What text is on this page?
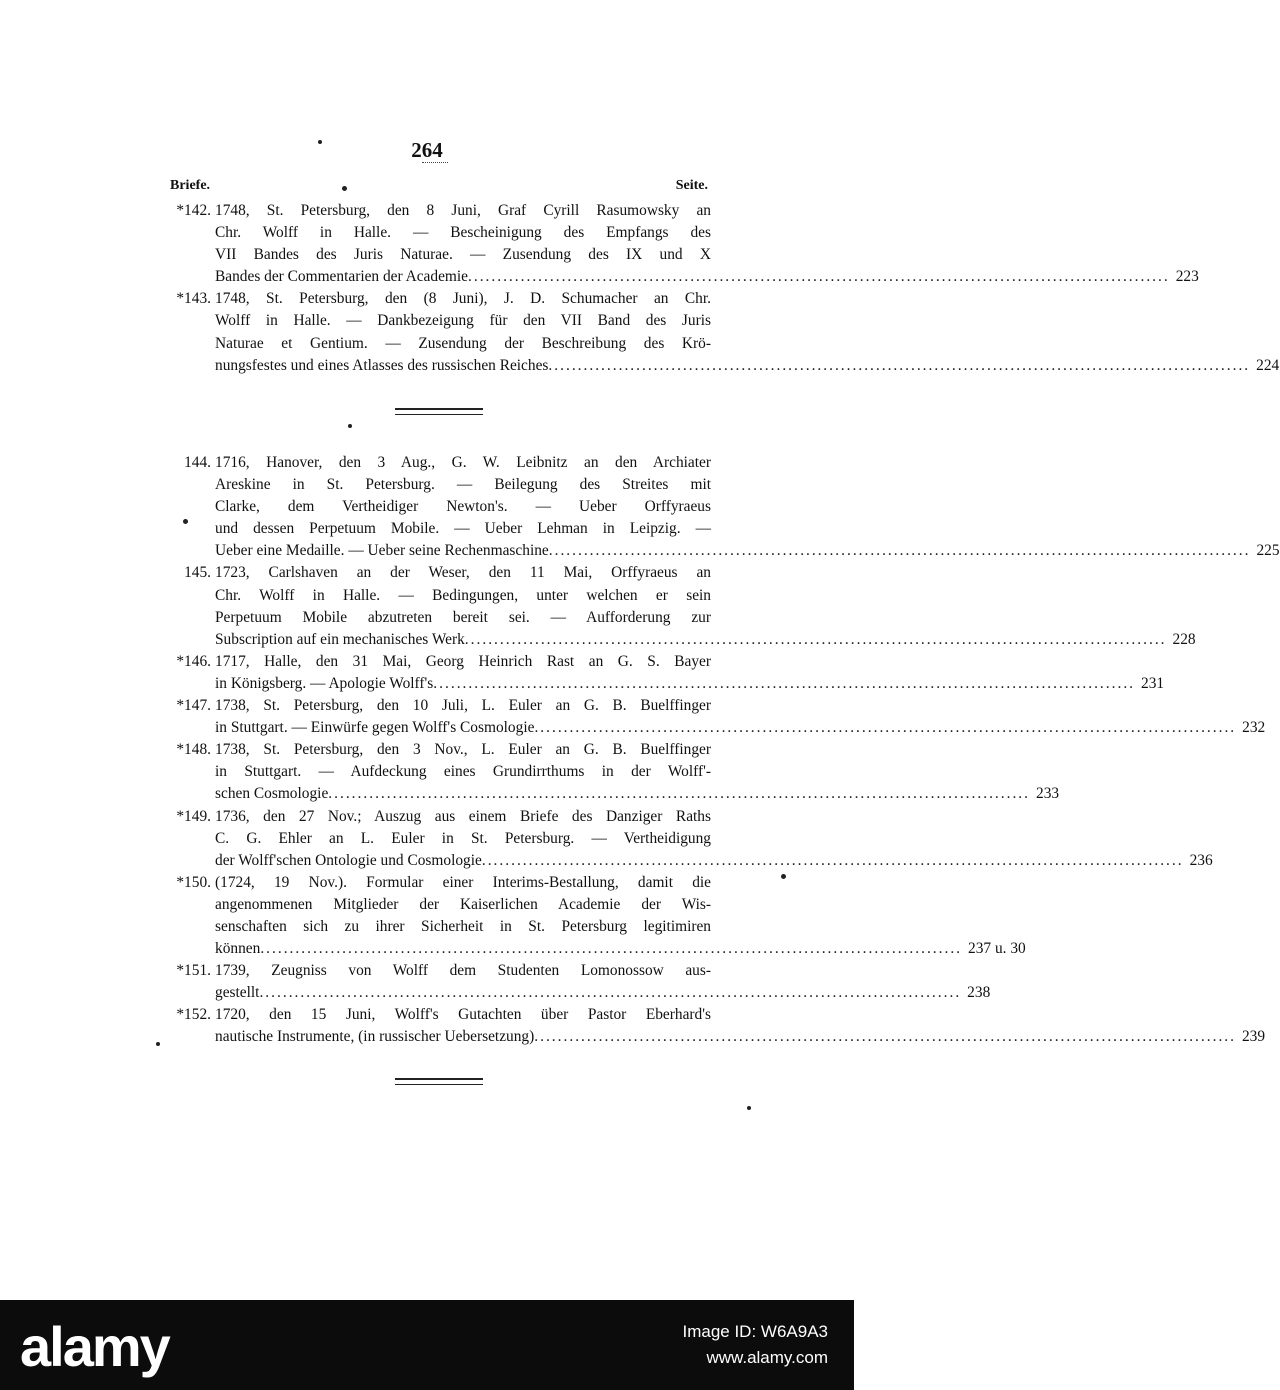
264
Briefe.	Seite.
*142. 1748, St. Petersburg, den 8 Juni, Graf Cyrill Rasumowsky an
Chr. Wolff in Halle. — Bescheinigung des Empfangs des
VII Bandes des Juris Naturae. — Zusendung des IX und X
Bandes der Commentarien der Academie ........................................................................................................................ 223
*143. 1748, St. Petersburg, den (8 Juni), J. D. Schumacher an Chr.
Wolff in Halle. — Dankbezeigung für den VII Band des Juris
Naturae et Gentium. — Zusendung der Beschreibung des Krö-
nungsfestes und eines Atlasses des russischen Reiches ........................................................................................................................ 224
144. 1716, Hanover, den 3 Aug., G. W. Leibnitz an den Archiater
Areskine in St. Petersburg. — Beilegung des Streites mit
Clarke, dem Vertheidiger Newton's. — Ueber Orffyraeus
und dessen Perpetuum Mobile. — Ueber Lehman in Leipzig. —
Ueber eine Medaille. — Ueber seine Rechenmaschine ........................................................................................................................ 225
145. 1723, Carlshaven an der Weser, den 11 Mai, Orffyraeus an
Chr. Wolff in Halle. — Bedingungen, unter welchen er sein
Perpetuum Mobile abzutreten bereit sei. — Aufforderung zur
Subscription auf ein mechanisches Werk ........................................................................................................................ 228
*146. 1717, Halle, den 31 Mai, Georg Heinrich Rast an G. S. Bayer
in Königsberg. — Apologie Wolff's ........................................................................................................................ 231
*147. 1738, St. Petersburg, den 10 Juli, L. Euler an G. B. Buelffinger
in Stuttgart. — Einwürfe gegen Wolff's Cosmologie ........................................................................................................................ 232
*148. 1738, St. Petersburg, den 3 Nov., L. Euler an G. B. Buelffinger
in Stuttgart. — Aufdeckung eines Grundirrthums in der Wolff'-
schen Cosmologie ........................................................................................................................ 233
*149. 1736, den 27 Nov.; Auszug aus einem Briefe des Danziger Raths
C. G. Ehler an L. Euler in St. Petersburg. — Vertheidigung
der Wolff'schen Ontologie und Cosmologie ........................................................................................................................ 236
*150. (1724, 19 Nov.). Formular einer Interims-Bestallung, damit die
angenommenen Mitglieder der Kaiserlichen Academie der Wis-
senschaften sich zu ihrer Sicherheit in St. Petersburg legitimiren
können ........................................................................................................................ 237 u. 30
*151. 1739, Zeugniss von Wolff dem Studenten Lomonossow aus-
gestellt ........................................................................................................................ 238
*152. 1720, den 15 Juni, Wolff's Gutachten über Pastor Eberhard's
nautische Instrumente, (in russischer Uebersetzung) ........................................................................................................................ 239
alamy	Image ID: W6A9A3
www.alamy.com
